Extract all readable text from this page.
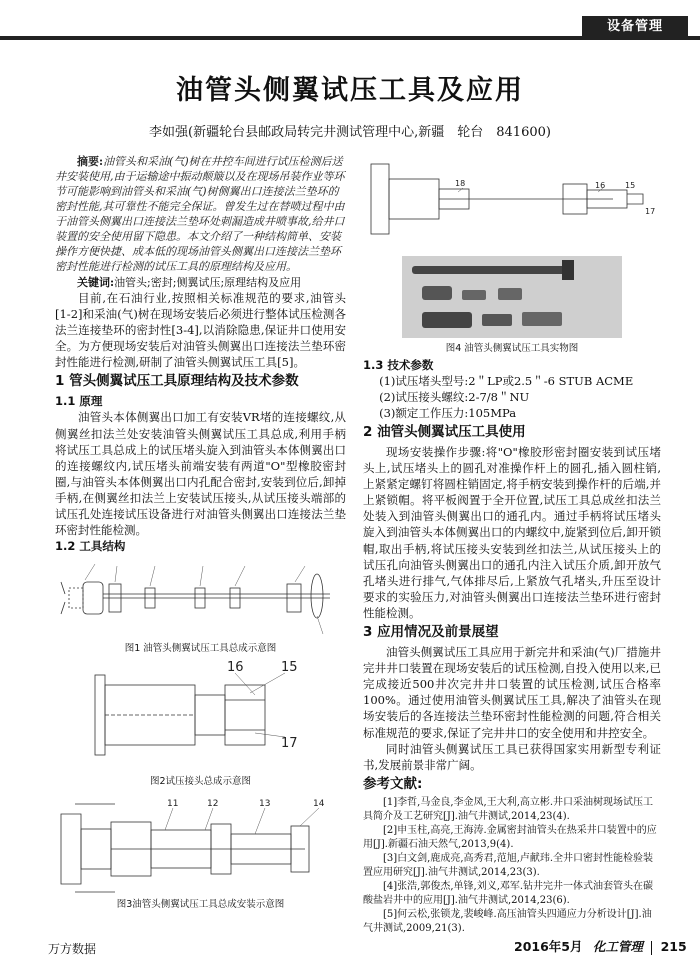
设备管理
油管头侧翼试压工具及应用
李如强(新疆轮台县邮政局转完井测试管理中心,新疆　轮台　841600)

摘要:油管头和采油(气)树在井控车间进行试压检测后送井安装使用,由于运输途中振动颠簸以及在现场吊装作业等环节可能影响到油管头和采油(气)树侧翼出口连接法兰垫环的密封性能,其可靠性不能完全保证。曾发生过在替喷过程中由于油管头侧翼出口连接法兰垫环处刺漏造成井喷事故,给井口装置的安全使用留下隐患。本文介绍了一种结构简单、安装操作方便快捷、成本低的现场油管头侧翼出口连接法兰垫环密封性能进行检测的试压工具的原理结构及应用。

关键词:油管头;密封;侧翼试压;原理结构及应用

目前,在石油行业,按照相关标准规范的要求,油管头[1-2]和采油(气)树在现场安装后必须进行整体试压检测各法兰连接垫环的密封性[3-4],以消除隐患,保证井口使用安全。为方便现场安装后对油管头侧翼出口连接法兰垫环密封性能进行检测,研制了油管头侧翼试压工具[5]。

1 管头侧翼试压工具原理结构及技术参数
1.1 原理

油管头本体侧翼出口加工有安装VR堵的连接螺纹,从侧翼丝扣法兰处安装油管头侧翼试压工具总成,利用手柄将试压工具总成上的试压堵头旋入到油管头本体侧翼出口的连接螺纹内,试压堵头前端安装有两道"O"型橡胶密封圈,与油管头本体侧翼出口内孔配合密封,安装到位后,卸掉手柄,在侧翼丝扣法兰上安装试压接头,从试压接头端部的试压孔处连接试压设备进行对油管头侧翼出口连接法兰垫环密封性能检测。

1.2 工具结构
图1 油管头侧翼试压工具总成示意图
16	15
17
图2试压接头总成示意图
11	12	13	14
图3油管头侧翼试压工具总成安装示意图
18	16 15
17
图4 油管头侧翼试压工具实物图
1.3 技术参数
(1)试压堵头型号:2＂LP或2.5＂-6 STUB ACME
(2)试压接头螺纹:2-7/8＂NU
(3)额定工作压力:105MPa
2 油管头侧翼试压工具使用

现场安装操作步骤:将"O"橡胶形密封圈安装到试压堵头上,试压堵头上的圆孔对准操作杆上的圆孔,插入圆柱销,上紧紧定螺钉将圆柱销固定,将手柄安装到操作杆的后端,并上紧锁帽。将平板阀置于全开位置,试压工具总成丝扣法兰处装入到油管头侧翼出口的通孔内。通过手柄将试压堵头旋入到油管头本体侧翼出口的内螺纹中,旋紧到位后,卸开锁帽,取出手柄,将试压接头安装到丝扣法兰,从试压接头上的试压孔向油管头侧翼出口的通孔内注入试压介质,卸开放气孔堵头进行排气,气体排尽后,上紧放气孔堵头,升压至设计要求的实验压力,对油管头侧翼出口连接法兰垫环进行密封性能检测。

3 应用情况及前景展望

油管头侧翼试压工具应用于新完井和采油(气)厂措施井完井井口装置在现场安装后的试压检测,自投入使用以来,已完成接近500井次完井井口装置的试压检测,试压合格率100%。通过使用油管头侧翼试压工具,解决了油管头在现场安装后的各连接法兰垫环密封性能检测的问题,符合相关标准规范的要求,保证了完井井口的安全使用和井控安全。

同时油管头侧翼试压工具已获得国家实用新型专利证书,发展前景非常广阔。

参考文献:

[1]李哲,马金良,李金凤,王大利,高立彬.井口采油树现场试压工具简介及工艺研究[J].油气井测试,2014,23(4).

[2]申玉柱,高亮,王海涛.金属密封油管头在热采井口装置中的应用[J].新疆石油天然气,2013,9(4).

[3]白文剑,鹿成亮,高秀君,范旭,卢献玮.全井口密封性能检验装置应用研究[J].油气井测试,2014,23(3).

[4]张浩,郭俊杰,单锋,刘义,邓军.钻井完井一体式油套管头在碳酸盐岩井中的应用[J].油气井测试,2014,23(6).

[5]何云松,张锁龙,裴峻峰.高压油管头四通应力分析设计[J].油气井测试,2009,21(3).

万方数据	2016年5月 化工管理 215
